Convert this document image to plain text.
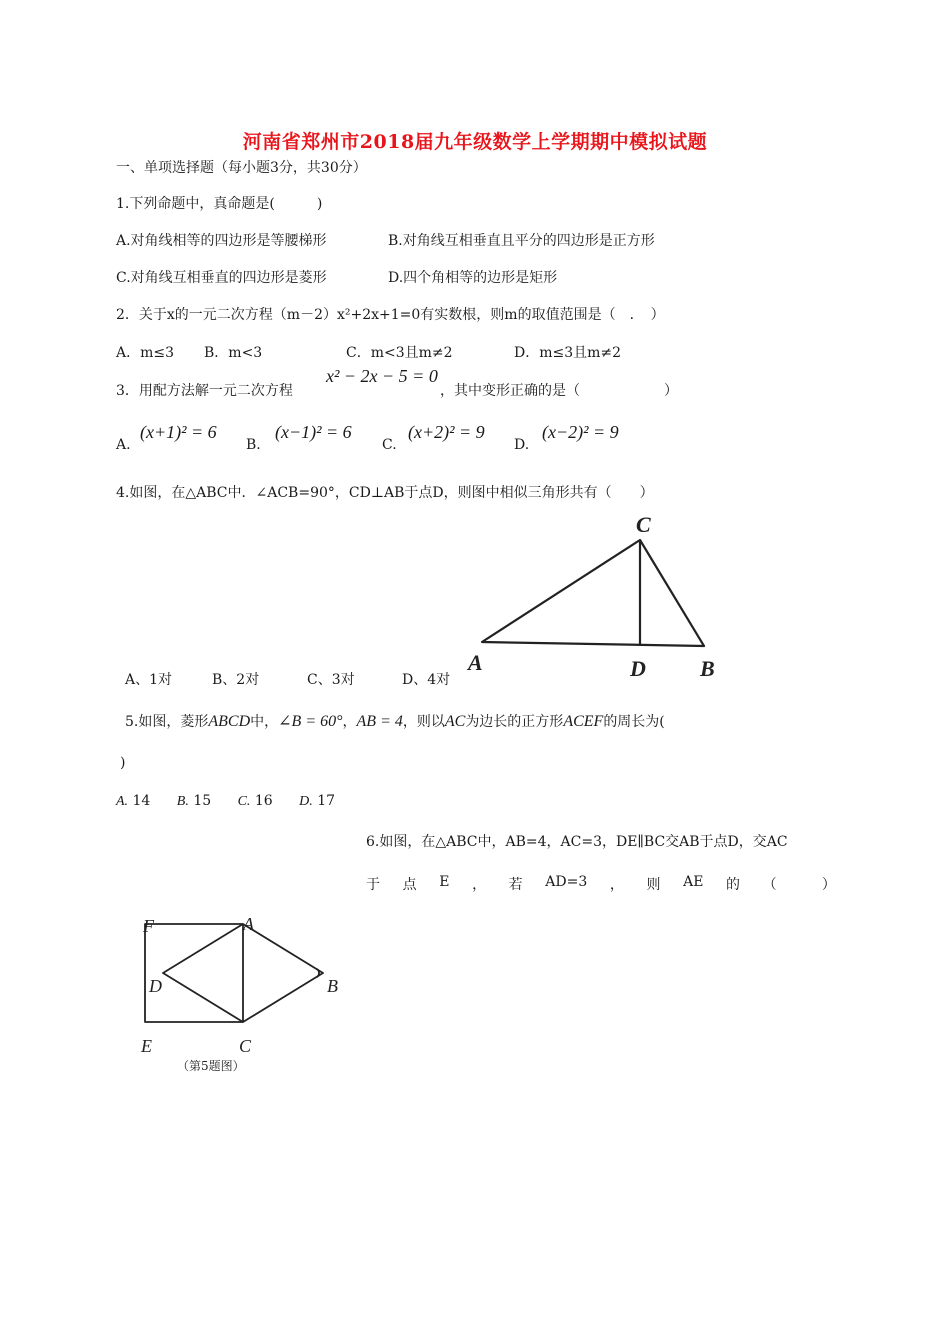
河南省郑州市2018届九年级数学上学期期中模拟试题
一、单项选择题（每小题3分，共30分）
1.下列命题中，真命题是(　　　)
A.对角线相等的四边形是等腰梯形	B.对角线互相垂直且平分的四边形是正方形
C.对角线互相垂直的四边形是菱形	D.四个角相等的边形是矩形
2．关于x的一元二次方程（m－2）x²+2x+1=0有实数根，则m的取值范围是（　．　）
A．m≤3 B．m<3	C．m<3且m≠2	D．m≤3且m≠2
3．用配方法解一元二次方程
x² − 2x − 5 = 0
，其中变形正确的是（　　　　　　）
A.
(x+1)² = 6
B.
(x−1)² = 6
C.
(x+2)² = 9
D.
(x−2)² = 9
4.如图，在△ABC中．∠ACB=90°，CD⊥AB于点D，则图中相似三角形共有（　　）
C
A	D B
A、1对	B、2对	C、3对	D、4对
5.如图，菱形ABCD中，∠B = 60°，AB = 4，则以AC为边长的正方形ACEF的周长为(
)
A. 14 B. 15 C. 16 D. 17
6.如图，在△ABC中，AB=4，AC=3，DE∥BC交AB于点D，交AC
于 点 E ， 若 AD=3 ， 则 AE 的 （	）
F	A
D	B
E	C
（第5题图）
